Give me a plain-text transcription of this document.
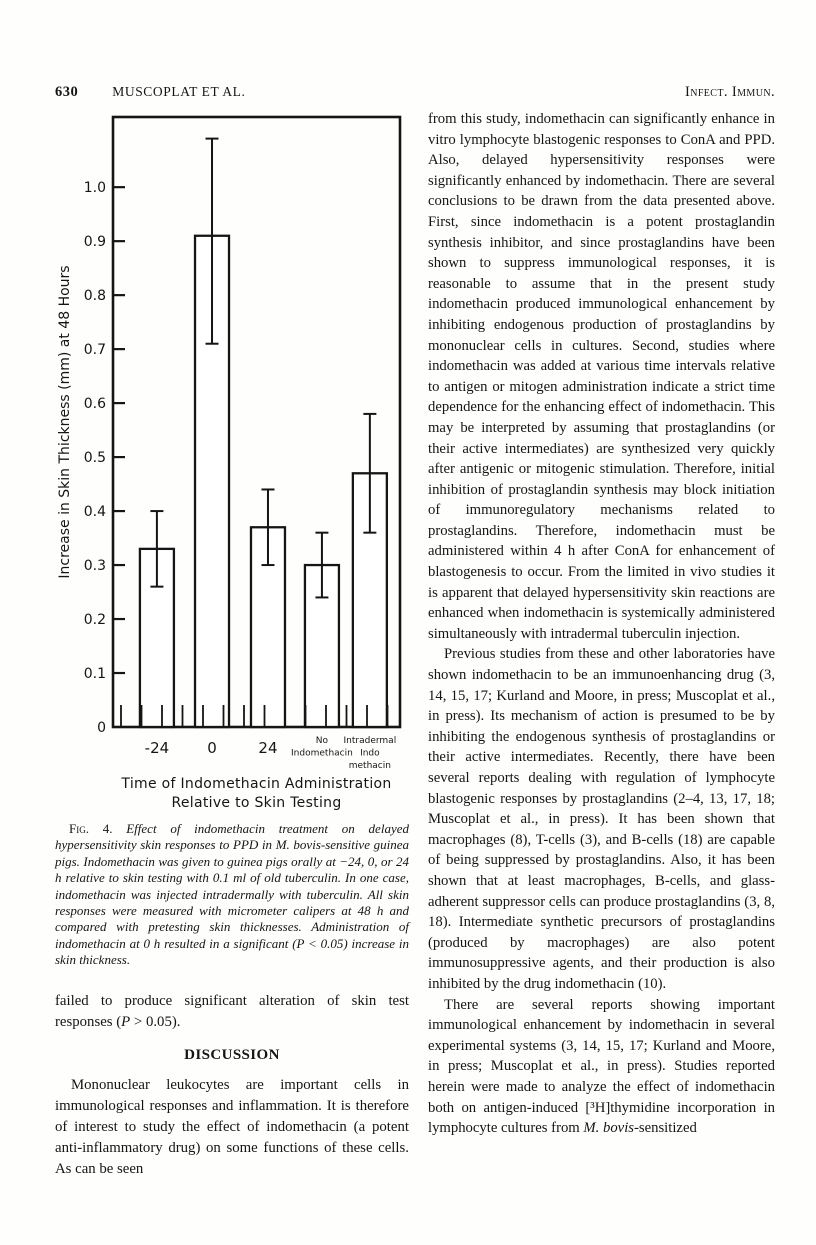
630	MUSCOPLAT ET AL.	Infect. Immun.
0.1
0.2
0.3
0.4
0.5
0.6
0.7
0.8
0.9
1.0
0
Increase in Skin Thickness (mm) at 48 Hours
-24	0	24	No
Indomethacin
Intradermal
Indo
methacin
Time of Indomethacin Administration
Relative to Skin Testing
Fig. 4. Effect of indomethacin treatment on delayed hypersensitivity skin responses to PPD in M. bovis-sensitive guinea pigs. Indomethacin was given to guinea pigs orally at −24, 0, or 24 h relative to skin testing with 0.1 ml of old tuberculin. In one case, indomethacin was injected intradermally with tuberculin. All skin responses were measured with micrometer calipers at 48 h and compared with pretesting skin thicknesses. Administration of indomethacin at 0 h resulted in a significant (P < 0.05) increase in skin thickness.

failed to produce significant alteration of skin test responses (P > 0.05).

DISCUSSION

Mononuclear leukocytes are important cells in immunological responses and inflammation. It is therefore of interest to study the effect of indomethacin (a potent anti-inflammatory drug) on some functions of these cells. As can be seen

from this study, indomethacin can significantly enhance in vitro lymphocyte blastogenic responses to ConA and PPD. Also, delayed hypersensitivity responses were significantly enhanced by indomethacin. There are several conclusions to be drawn from the data presented above. First, since indomethacin is a potent prostaglandin synthesis inhibitor, and since prostaglandins have been shown to suppress immunological responses, it is reasonable to assume that in the present study indomethacin produced immunological enhancement by inhibiting endogenous production of prostaglandins by mononuclear cells in cultures. Second, studies where indomethacin was added at various time intervals relative to antigen or mitogen administration indicate a strict time dependence for the enhancing effect of indomethacin. This may be interpreted by assuming that prostaglandins (or their active intermediates) are synthesized very quickly after antigenic or mitogenic stimulation. Therefore, initial inhibition of prostaglandin synthesis may block initiation of immunoregulatory mechanisms related to prostaglandins. Therefore, indomethacin must be administered within 4 h after ConA for enhancement of blastogenesis to occur. From the limited in vivo studies it is apparent that delayed hypersensitivity skin reactions are enhanced when indomethacin is systemically administered simultaneously with intradermal tuberculin injection.

Previous studies from these and other laboratories have shown indomethacin to be an immunoenhancing drug (3, 14, 15, 17; Kurland and Moore, in press; Muscoplat et al., in press). Its mechanism of action is presumed to be by inhibiting the endogenous synthesis of prostaglandins or their active intermediates. Recently, there have been several reports dealing with regulation of lymphocyte blastogenic responses by prostaglandins (2–4, 13, 17, 18; Muscoplat et al., in press). It has been shown that macrophages (8), T-cells (3), and B-cells (18) are capable of being suppressed by prostaglandins. Also, it has been shown that at least macrophages, B-cells, and glass-adherent suppressor cells can produce prostaglandins (3, 8, 18). Intermediate synthetic precursors of prostaglandins (produced by macrophages) are also potent immunosuppressive agents, and their production is also inhibited by the drug indomethacin (10).

There are several reports showing important immunological enhancement by indomethacin in several experimental systems (3, 14, 15, 17; Kurland and Moore, in press; Muscoplat et al., in press). Studies reported herein were made to analyze the effect of indomethacin both on antigen-induced [³H]thymidine incorporation in lymphocyte cultures from M. bovis-sensitized
